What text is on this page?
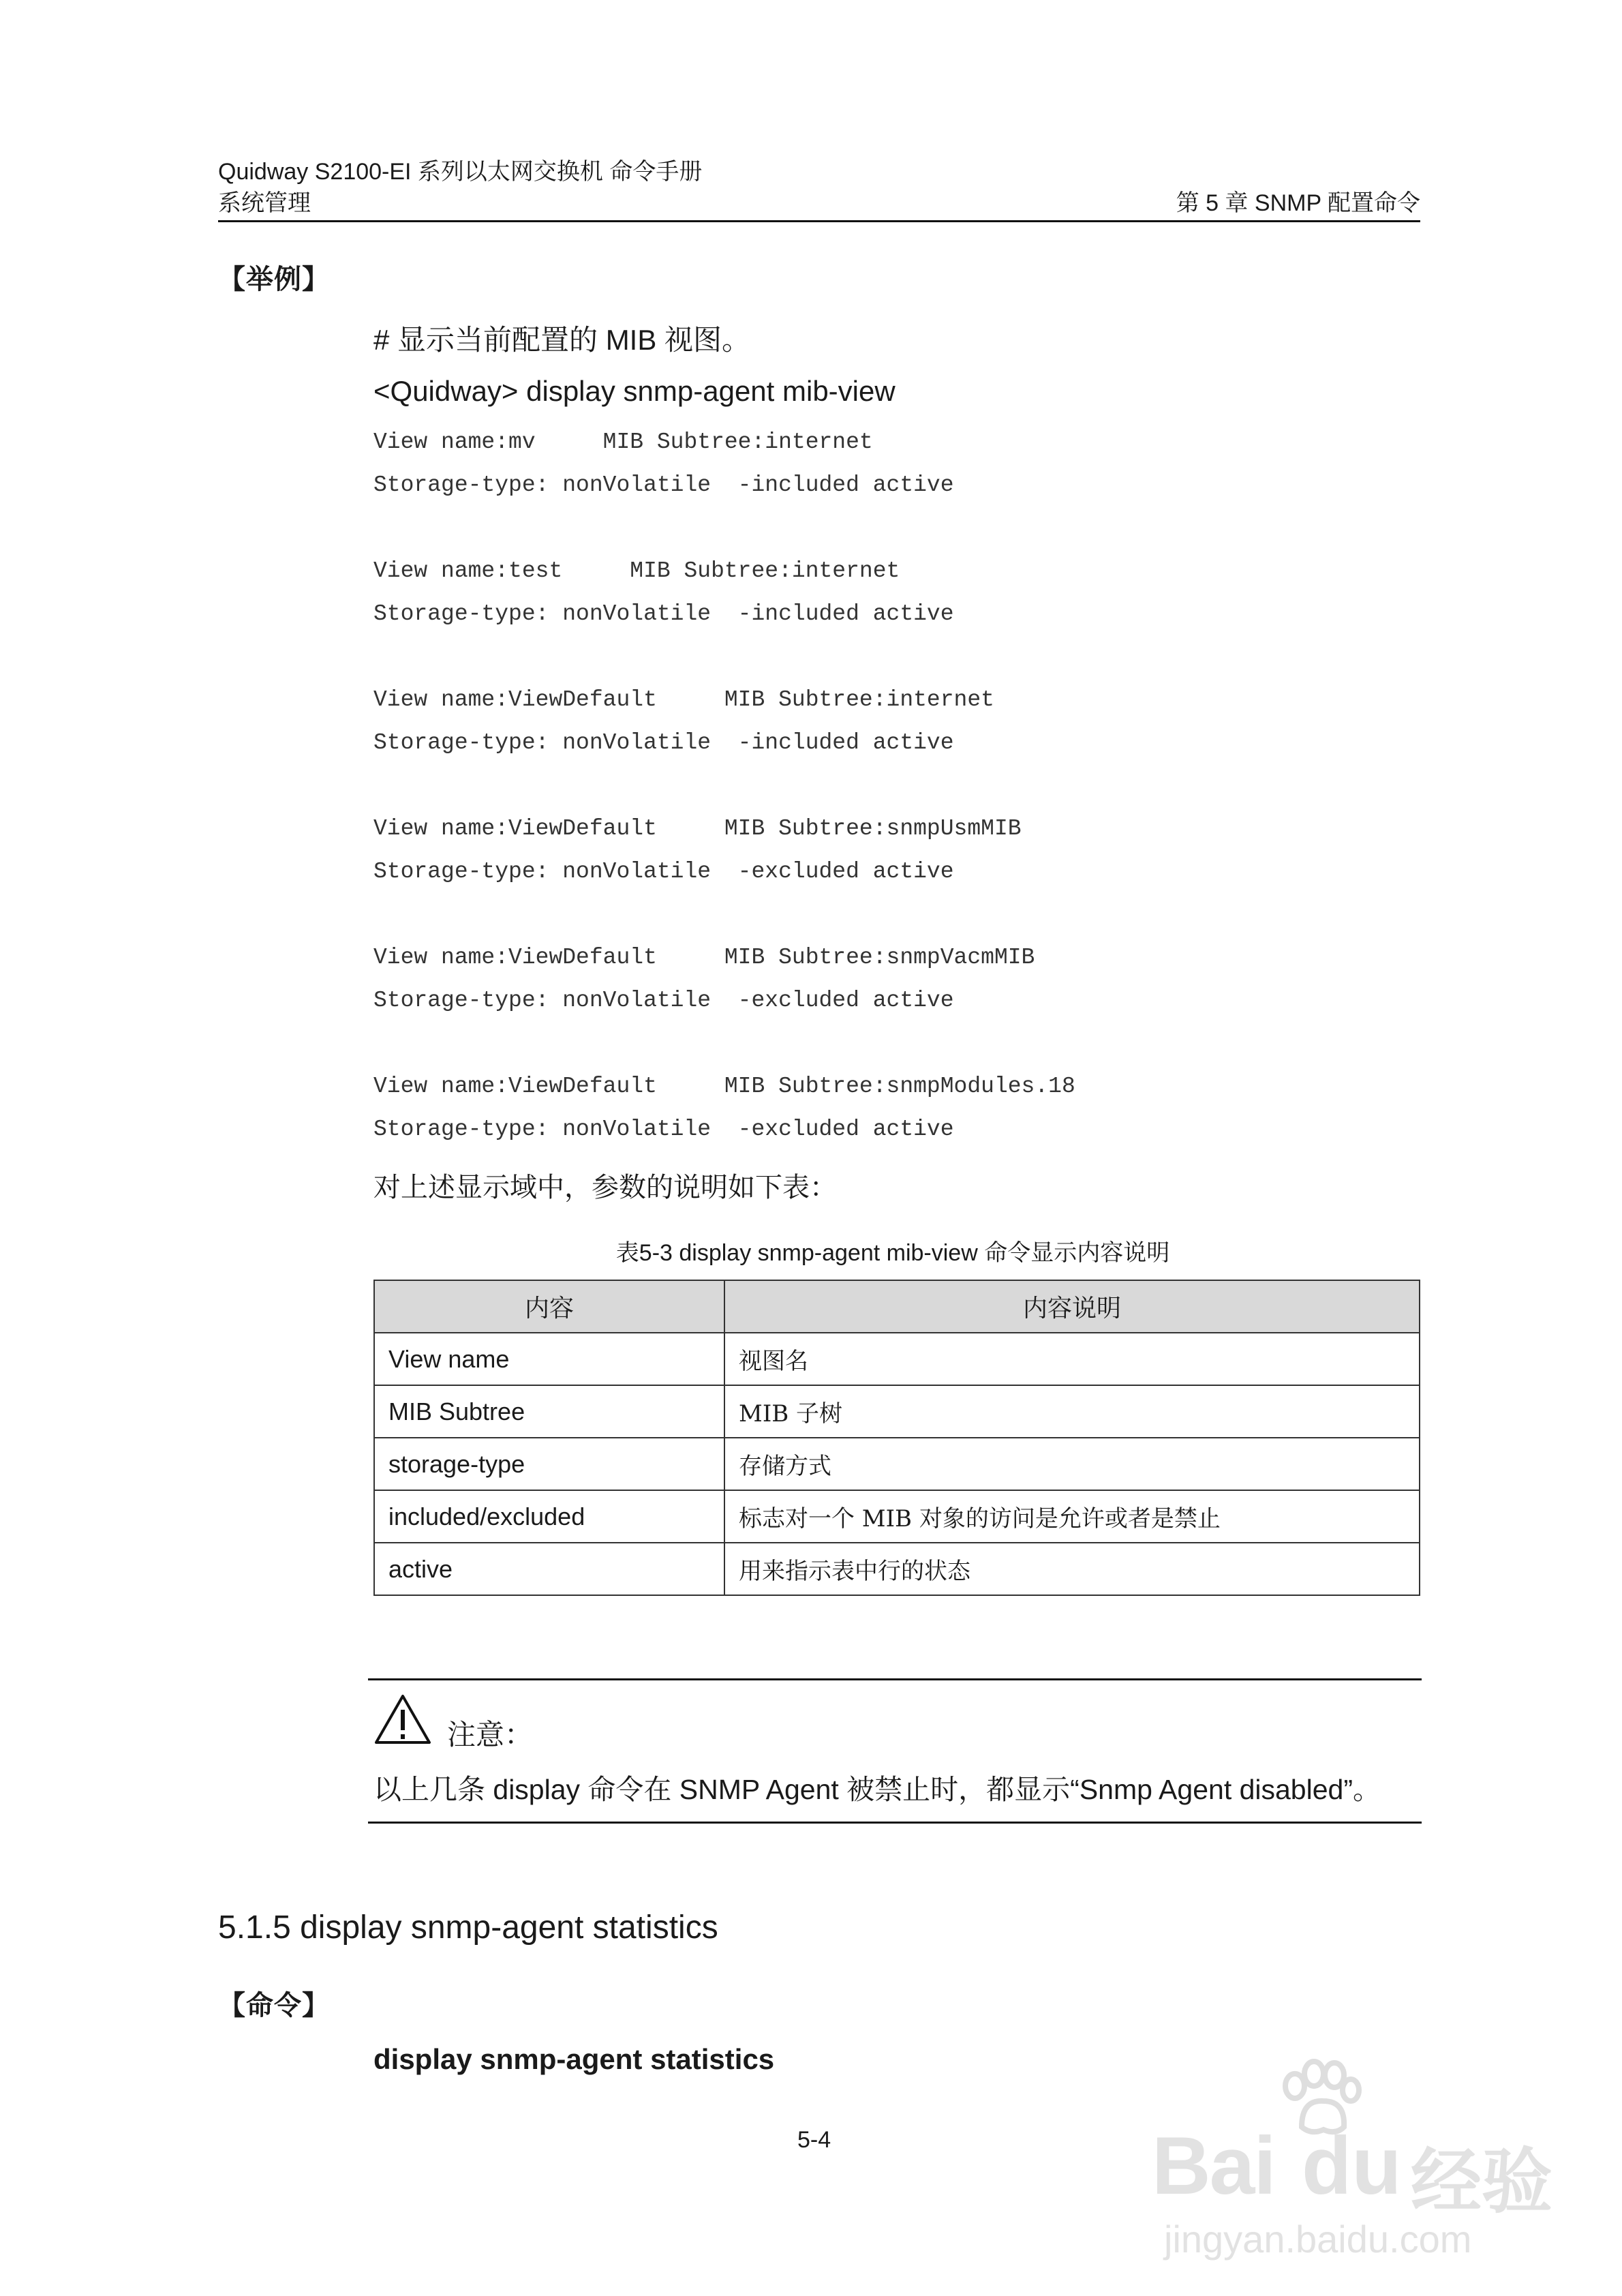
Quidway S2100-EI 系列以太网交换机 命令手册
系统管理	第 5 章 SNMP 配置命令
【举例】
# 显示当前配置的 MIB 视图。
<Quidway> display snmp-agent mib-view
View name:mv     MIB Subtree:internet
Storage-type: nonVolatile  -included active
View name:test     MIB Subtree:internet
Storage-type: nonVolatile  -included active
View name:ViewDefault     MIB Subtree:internet
Storage-type: nonVolatile  -included active
View name:ViewDefault     MIB Subtree:snmpUsmMIB
Storage-type: nonVolatile  -excluded active
View name:ViewDefault     MIB Subtree:snmpVacmMIB
Storage-type: nonVolatile  -excluded active
View name:ViewDefault     MIB Subtree:snmpModules.18
Storage-type: nonVolatile  -excluded active
对上述显示域中，参数的说明如下表：
表5-3 display snmp-agent mib-view 命令显示内容说明
内容	内容说明
View name	视图名
MIB Subtree	MIB 子树
storage-type	存储方式
included/excluded	标志对一个 MIB 对象的访问是允许或者是禁止
active	用来指示表中行的状态
注意：
以上几条 display 命令在 SNMP Agent 被禁止时，都显示“Snmp Agent disabled”。
5.1.5 display snmp-agent statistics
【命令】
display snmp-agent statistics
5-4	Bai du 经验
jingyan.baidu.com
